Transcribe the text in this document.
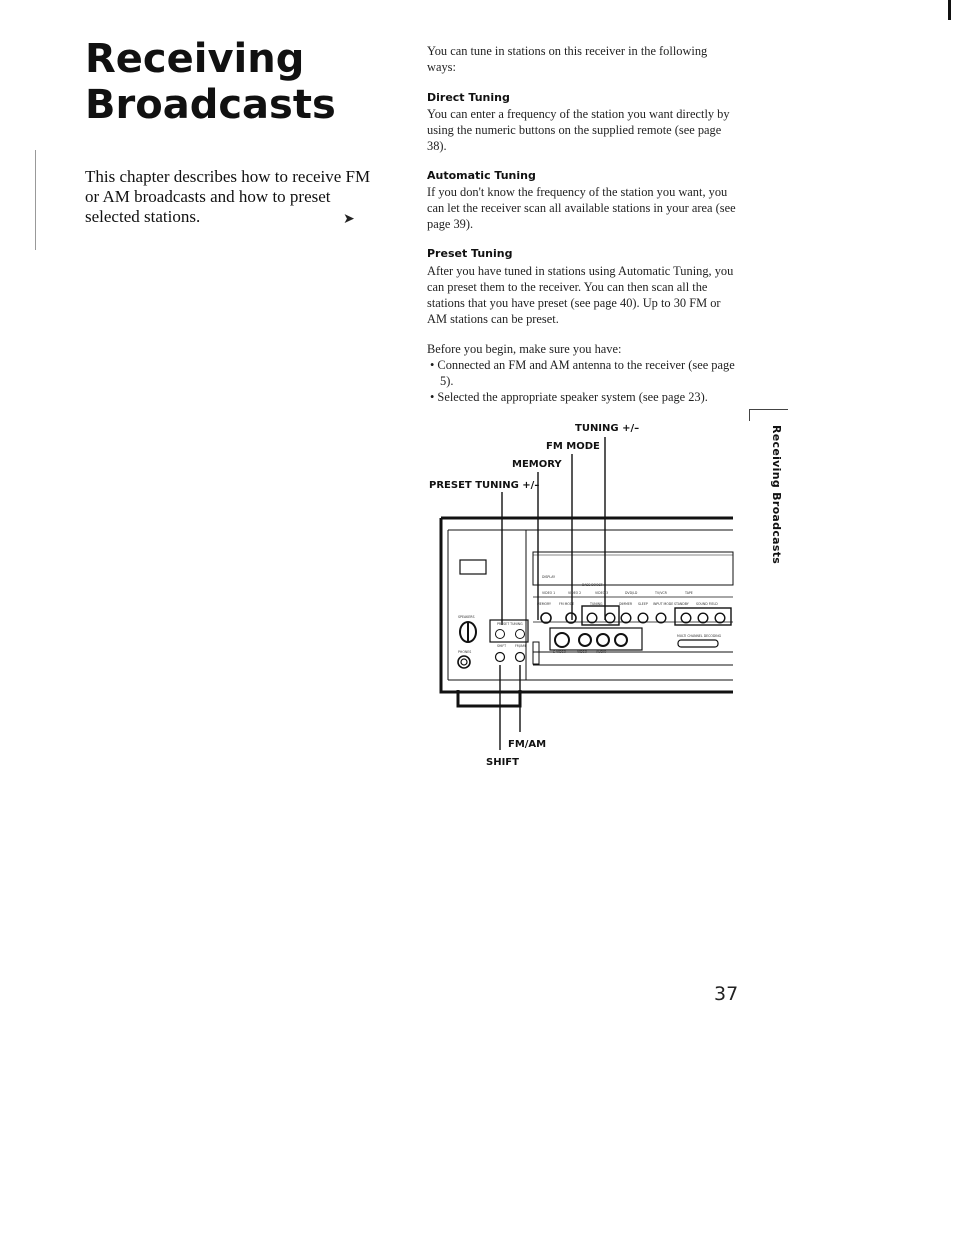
Receiving
Broadcasts

This chapter describes how to receive FM or AM broadcasts and how to preset selected stations.	➤

You can tune in stations on this receiver in the following ways:

Direct Tuning

You can enter a frequency of the station you want directly by using the numeric buttons on the supplied remote (see page 38).

Automatic Tuning

If you don't know the frequency of the station you want, you can let the receiver scan all available stations in your area (see page 39).

Preset Tuning

After you have tuned in stations using Automatic Tuning, you can preset them to the receiver. You can then scan all the stations that you have preset (see page 40). Up to 30 FM or AM stations can be preset.

Before you begin, make sure you have:

• Connected an FM and AM antenna to the receiver (see page 5).

• Selected the appropriate speaker system (see page 23).

Receiving Broadcasts
TUNING +/–
FM MODE
MEMORY
PRESET TUNING +/–
FM/AM
SHIFT
DISPLAY
BASS BOOST
VIDEO 1	VIDEO 2	VIDEO 3	DVD/LD	TV/VCR	TAPE
MEMORY	FM MODE	TUNING	DIMMER SLEEP INPUT MODE STANDBY SOUND FIELD
SPEAKERS
PRESET TUNING
PHONES
SHIFT	FM/AM
MULTI CHANNEL DECODING
S VIDEO	VIDEO	AUDIO
37
